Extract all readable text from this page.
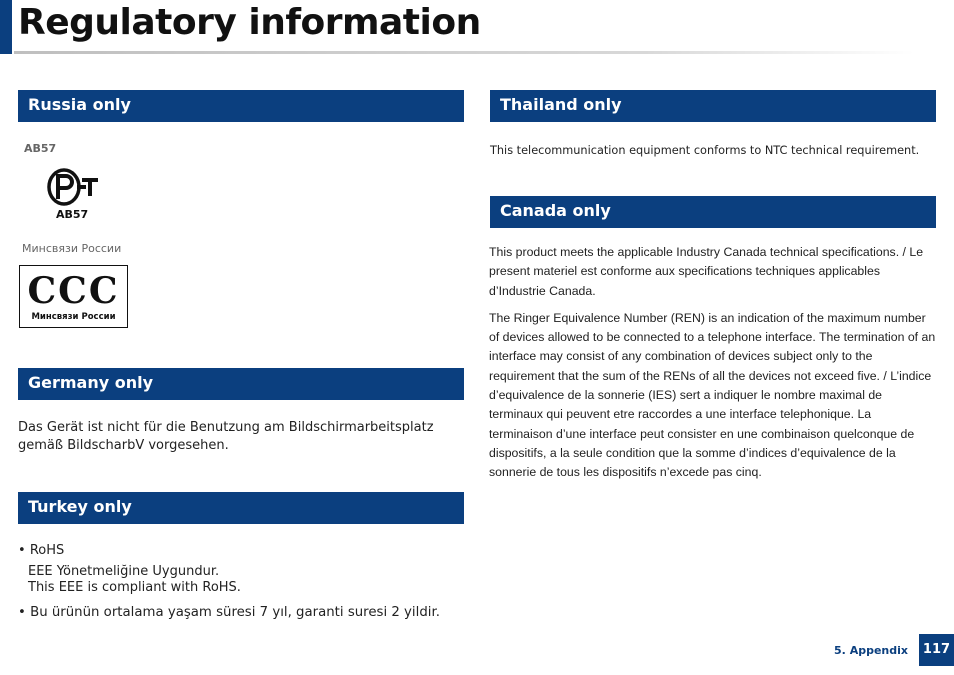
Regulatory information
Russia only
AB57
AB57
Минсвязи России
CCC
Минсвязи России
Germany only
Das Gerät ist nicht für die Benutzung am Bildschirmarbeitsplatz
gemäß BildscharbV vorgesehen.
Turkey only
• RoHS
EEE Yönetmeliğine Uygundur.
This EEE is compliant with RoHS.
• Bu ürünün ortalama yaşam süresi 7 yıl, garanti suresi 2 yildir.
Thailand only
This telecommunication equipment conforms to NTC technical requirement.
Canada only

This product meets the applicable Industry Canada technical specifications. / Le present materiel est conforme aux specifications techniques applicables d’Industrie Canada.

The Ringer Equivalence Number (REN) is an indication of the maximum number of devices allowed to be connected to a telephone interface. The termination of an interface may consist of any combination of devices subject only to the requirement that the sum of the RENs of all the devices not exceed five. / L’indice d’equivalence de la sonnerie (IES) sert a indiquer le nombre maximal de terminaux qui peuvent etre raccordes a une interface telephonique. La terminaison d’une interface peut consister en une combinaison quelconque de dispositifs, a la seule condition que la somme d’indices d’equivalence de la sonnerie de tous les dispositifs n’excede pas cinq.

5. Appendix	117
